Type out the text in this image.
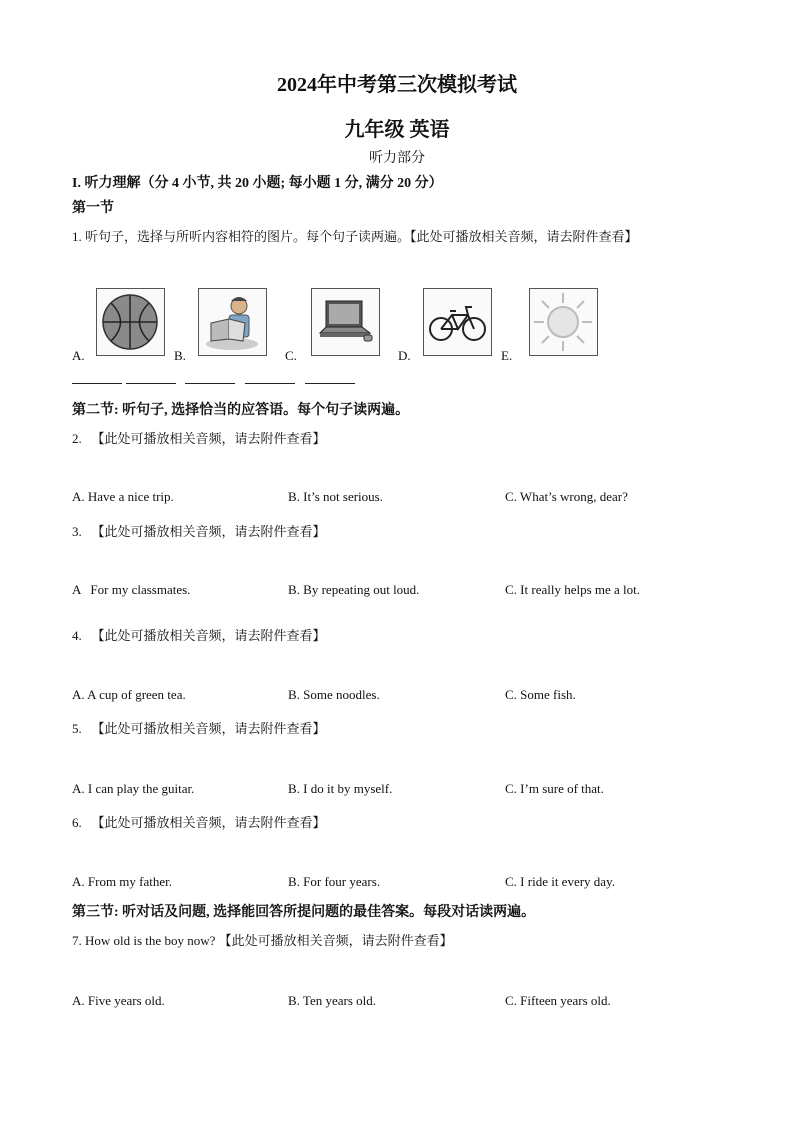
2024年中考第三次模拟考试
九年级 英语
听力部分
I. 听力理解（分 4 小节, 共 20 小题; 每小题 1 分, 满分 20 分）
第一节
1. 听句子，选择与所听内容相符的图片。每个句子读两遍。【此处可播放相关音频，请去附件查看】
A.	B.	C.	D.	E.
第二节: 听句子, 选择恰当的应答语。每个句子读两遍。
2. 【此处可播放相关音频，请去附件查看】
A. Have a nice trip.	B. It’s not serious.	C. What’s wrong, dear?
3. 【此处可播放相关音频，请去附件查看】
A   For my classmates.	B. By repeating out loud.	C. It really helps me a lot.
4. 【此处可播放相关音频，请去附件查看】
A. A cup of green tea.	B. Some noodles.	C. Some fish.
5. 【此处可播放相关音频，请去附件查看】
A. I can play the guitar.	B. I do it by myself.	C. I’m sure of that.
6. 【此处可播放相关音频，请去附件查看】
A. From my father.	B. For four years.	C. I ride it every day.
第三节: 听对话及问题, 选择能回答所提问题的最佳答案。每段对话读两遍。
7. How old is the boy now? 【此处可播放相关音频，请去附件查看】
A. Five years old.	B. Ten years old.	C. Fifteen years old.
